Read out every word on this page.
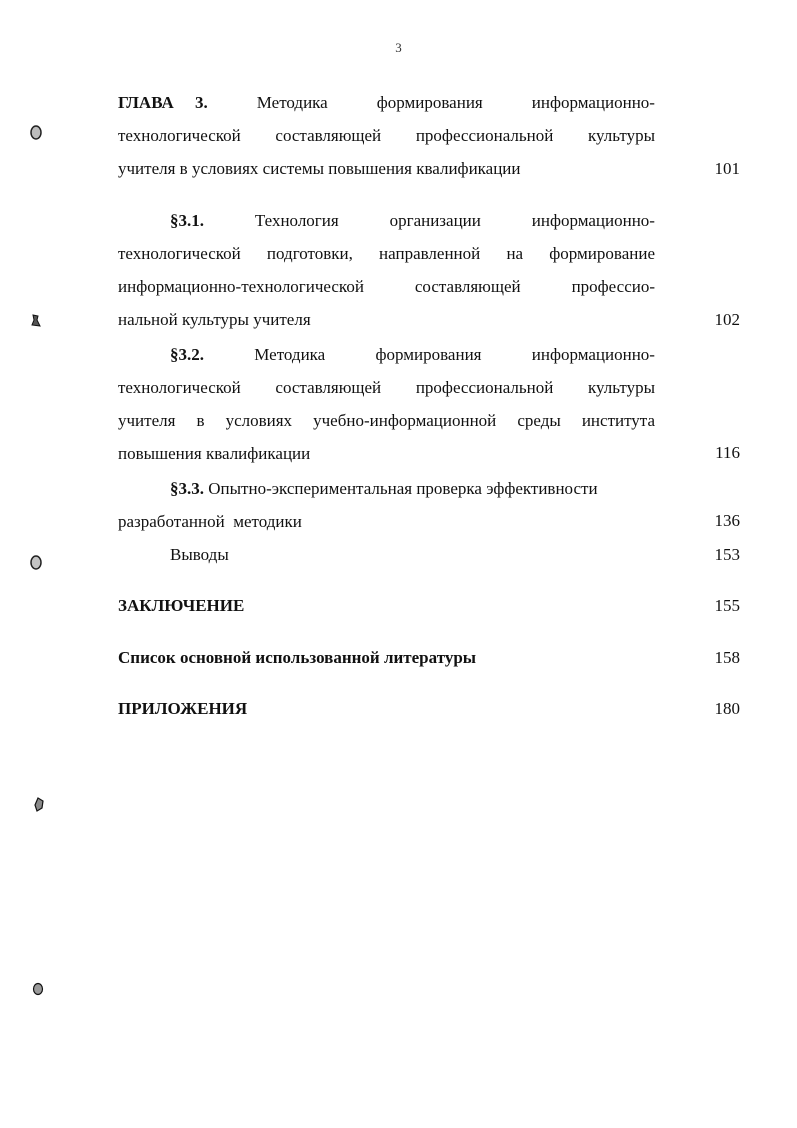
3
ГЛАВА 3.	Методика	формирования	информационно-
технологической составляющей профессиональной культуры
учителя в условиях системы повышения квалификации	101
§3.1.	Технология	организации	информационно-
технологической подготовки, направленной на формирование
информационно-технологической	составляющей	профессио-
нальной культуры учителя	102
§3.2.	Методика	формирования	информационно-
технологической составляющей профессиональной культуры
учителя в условиях учебно-информационной среды института
повышения квалификации	116
§3.3. Опытно-экспериментальная проверка эффективности
разработанной  методики	136
Выводы	153
ЗАКЛЮЧЕНИЕ	155
Список основной использованной литературы	158
ПРИЛОЖЕНИЯ	180
